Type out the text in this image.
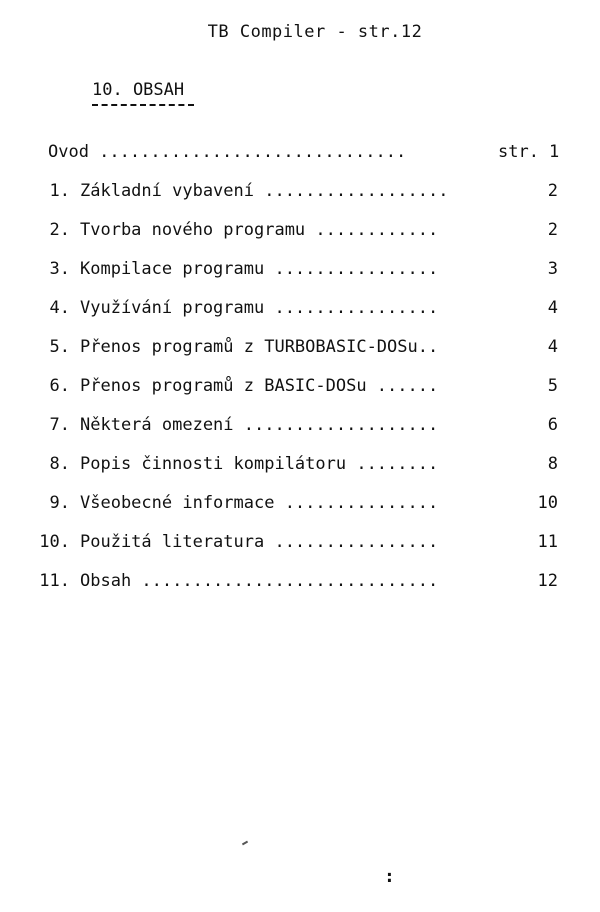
TB Compiler - str.12
10. OBSAH
Ovod ..............................	str. 1
1. Základní vybavení ..................	2
2. Tvorba nového programu ............	2
3. Kompilace programu ................	3
4. Využívání programu ................	4
5. Přenos programů z TURBOBASIC-DOSu..	4
6. Přenos programů z BASIC-DOSu ......	5
7. Některá omezení ...................	6
8. Popis činnosti kompilátoru ........	8
9. Všeobecné informace ...............	10
10. Použitá literatura ................	11
11. Obsah .............................	12
:
